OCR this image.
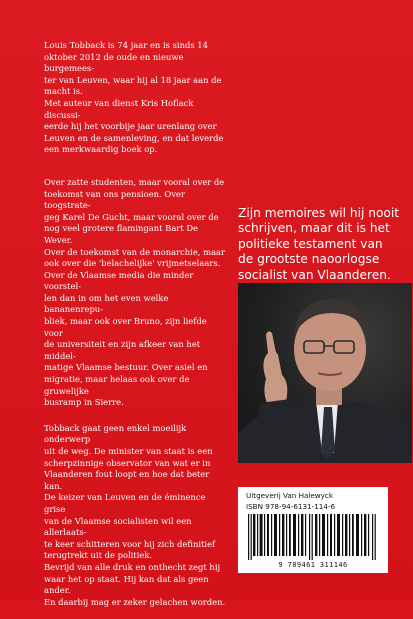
Louis Tobback is 74 jaar en is sinds 14
oktober 2012 de oude en nieuwe burgemees-
ter van Leuven, waar hij al 18 jaar aan de
macht is.
Met auteur van dienst Kris Hoflack discussi-
eerde hij het voorbije jaar urenlang over
Leuven en de samenleving, en dat leverde
een merkwaardig boek op.

Over zatte studenten, maar vooral over de
toekomst van ons pensioen. Over toogstrate-
geg Karel De Gucht, maar vooral over de
nog veel grotere flamingant Bart De Wever.
Over de toekomst van de monarchie, maar
ook over die 'belachelijke' vrijmetselaars.
Over de Vlaamse media die minder voorstel-
len dan in om het even welke bananenrepu-
bliek, maar ook over Bruno, zijn liefde voor
de universiteit en zijn afkeer van het middel-
matige Vlaamse bestuur. Over asiel en
migratie, maar helaas ook over de gruwelijke
busramp in Sierre.

Tobback gaat geen enkel moeilijk onderwerp
uit de weg. De minister van staat is een
scherpzinnige observator van wat er in
Vlaanderen fout loopt en hoe dat beter kan.
De keizer van Leuven en de éminence grise
van de Vlaamse socialisten wil een allerlaats-
te keer schitteren voor hij zich definitief
terugtrekt uit de politiek.
Bevrijd van alle druk en onthecht zegt hij
waar het op staat. Hij kan dat als geen ander.
En daarbij mag er zeker gelachen worden.

Zijn memoires wil hij nooit
schrijven, maar dit is het
politieke testament van
de grootste naoorlogse
socialist van Vlaanderen.
Uitgeverij Van Halewyck
ISBN 978-94-6131-114-6
9 789461 311146
